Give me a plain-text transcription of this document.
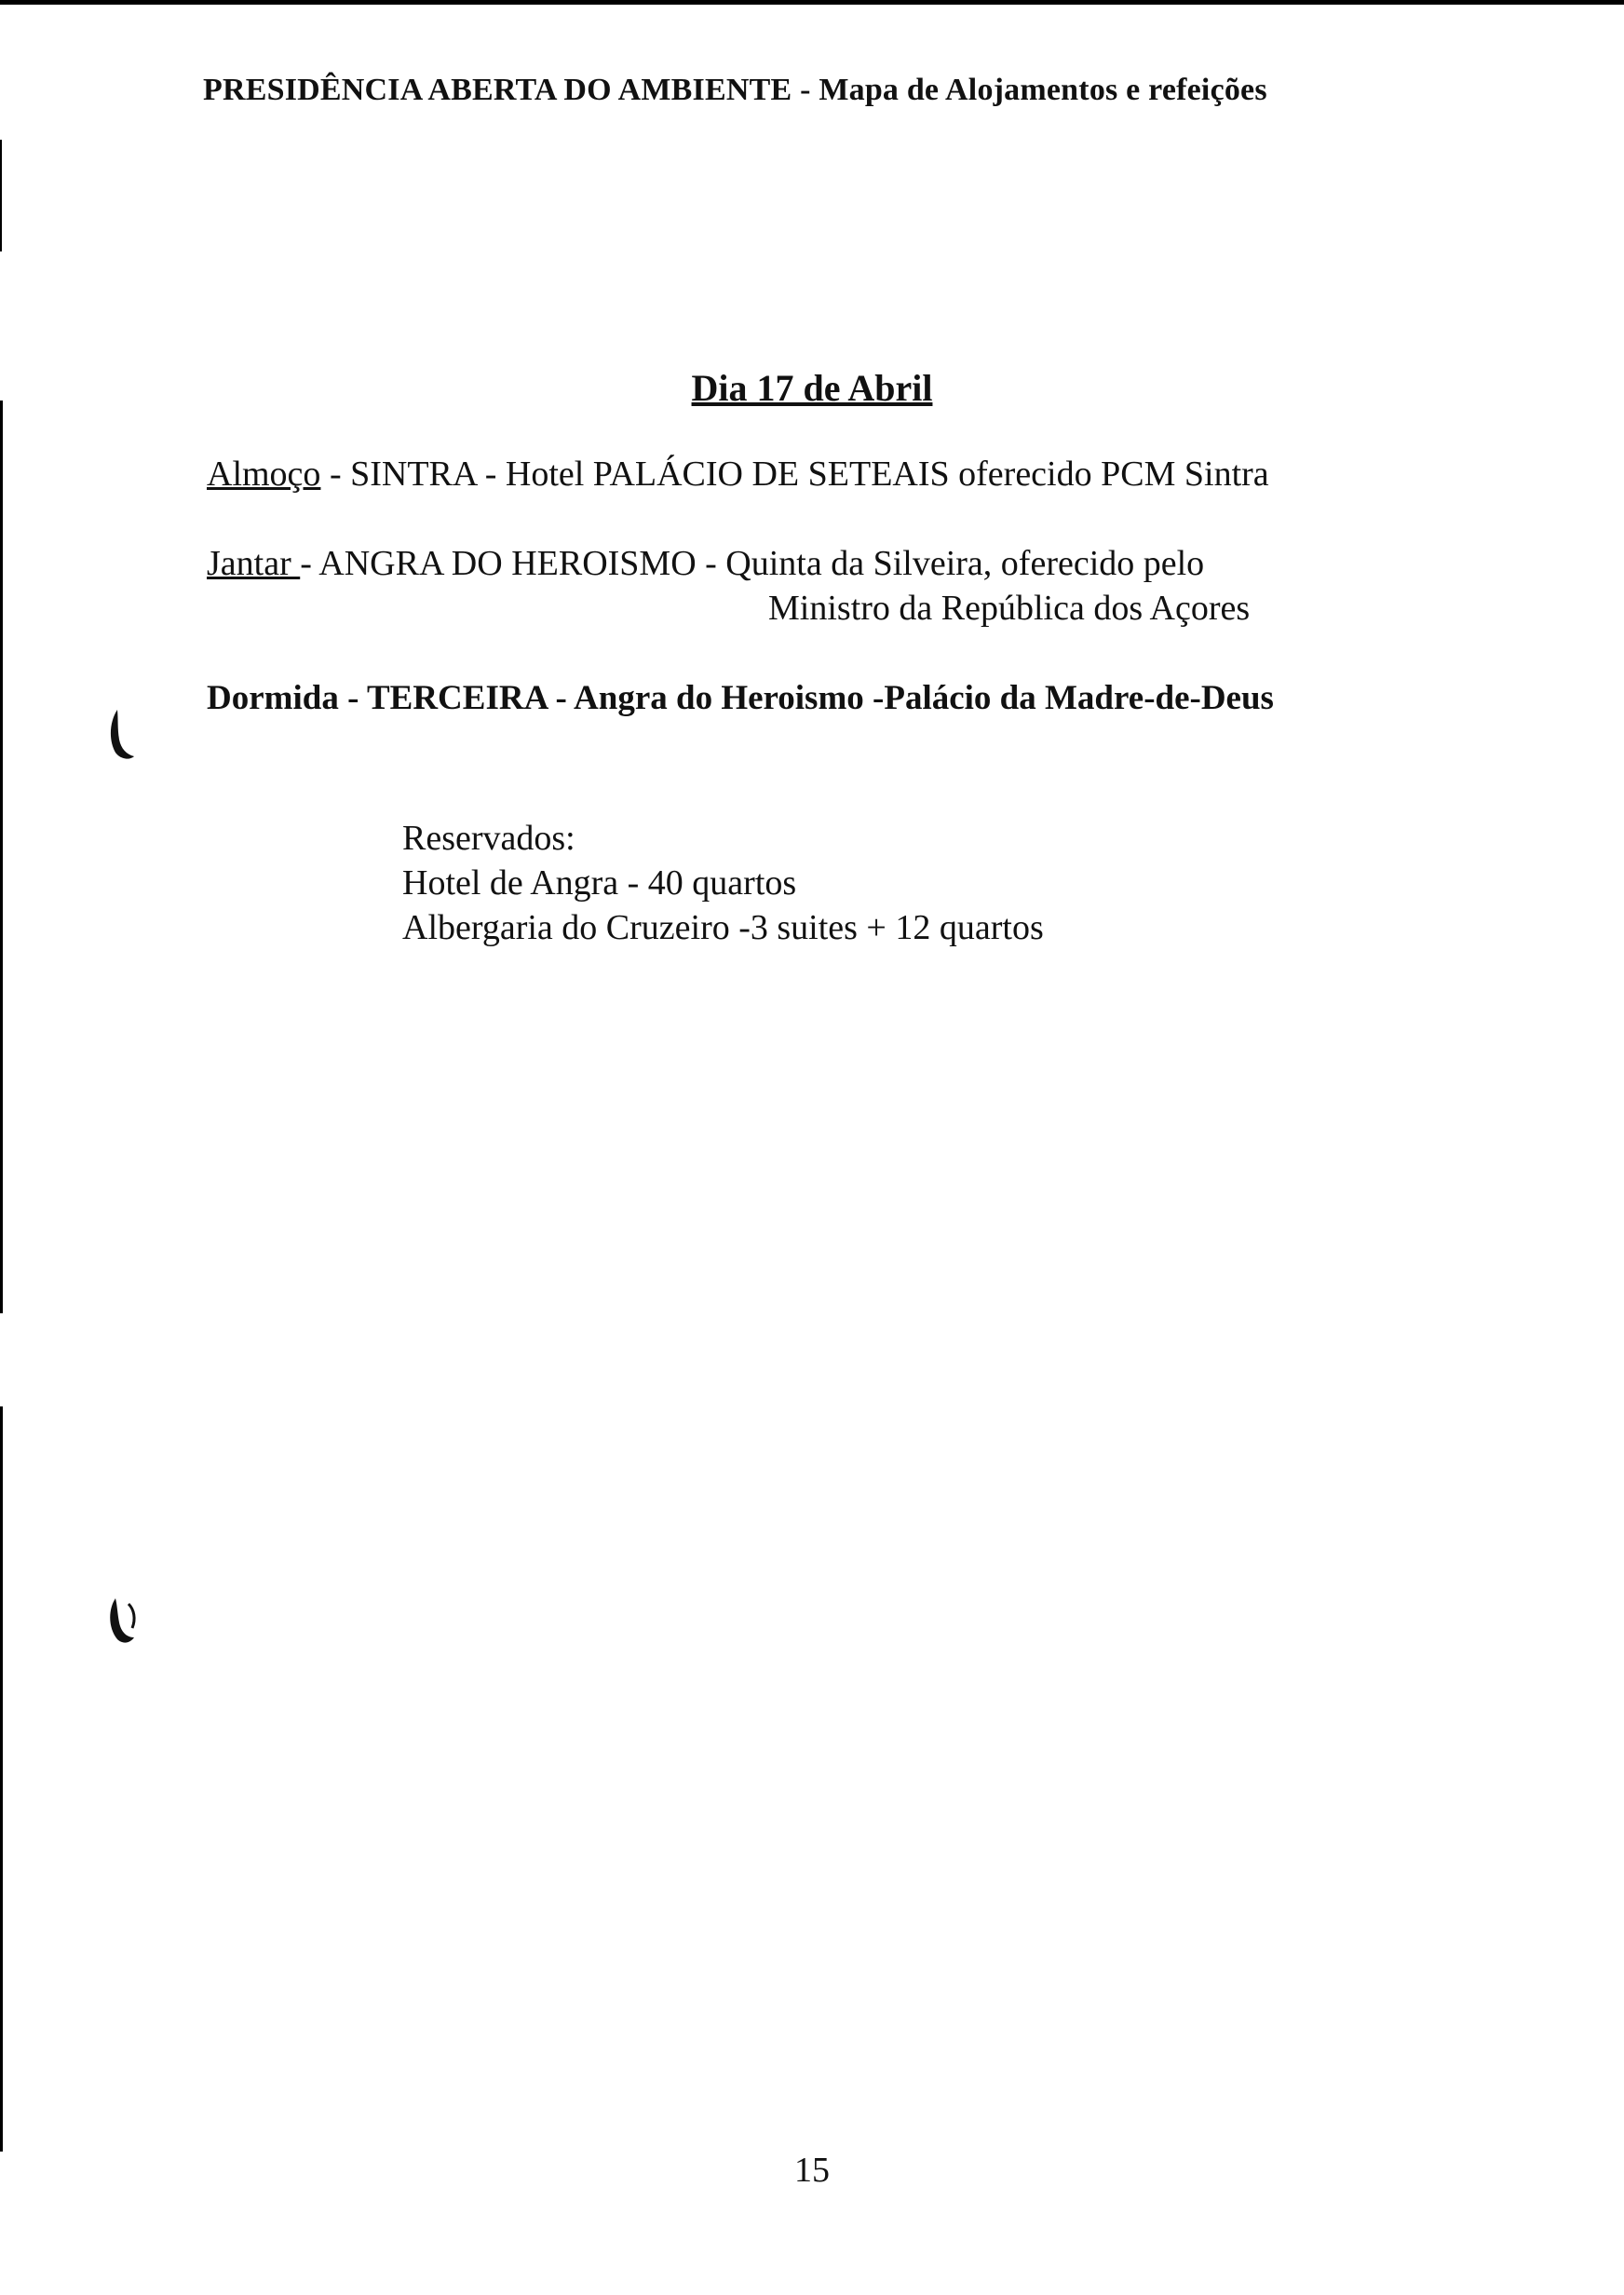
PRESIDÊNCIA ABERTA DO AMBIENTE - Mapa de Alojamentos e refeições
Dia 17 de Abril
Almoço - SINTRA - Hotel PALÁCIO DE SETEAIS oferecido PCM Sintra
Jantar - ANGRA DO HEROISMO - Quinta da Silveira, oferecido pelo
Ministro da República dos Açores
Dormida - TERCEIRA - Angra do Heroismo -Palácio da Madre-de-Deus
Reservados:
Hotel de Angra - 40 quartos
Albergaria do Cruzeiro -3 suites + 12 quartos
15
